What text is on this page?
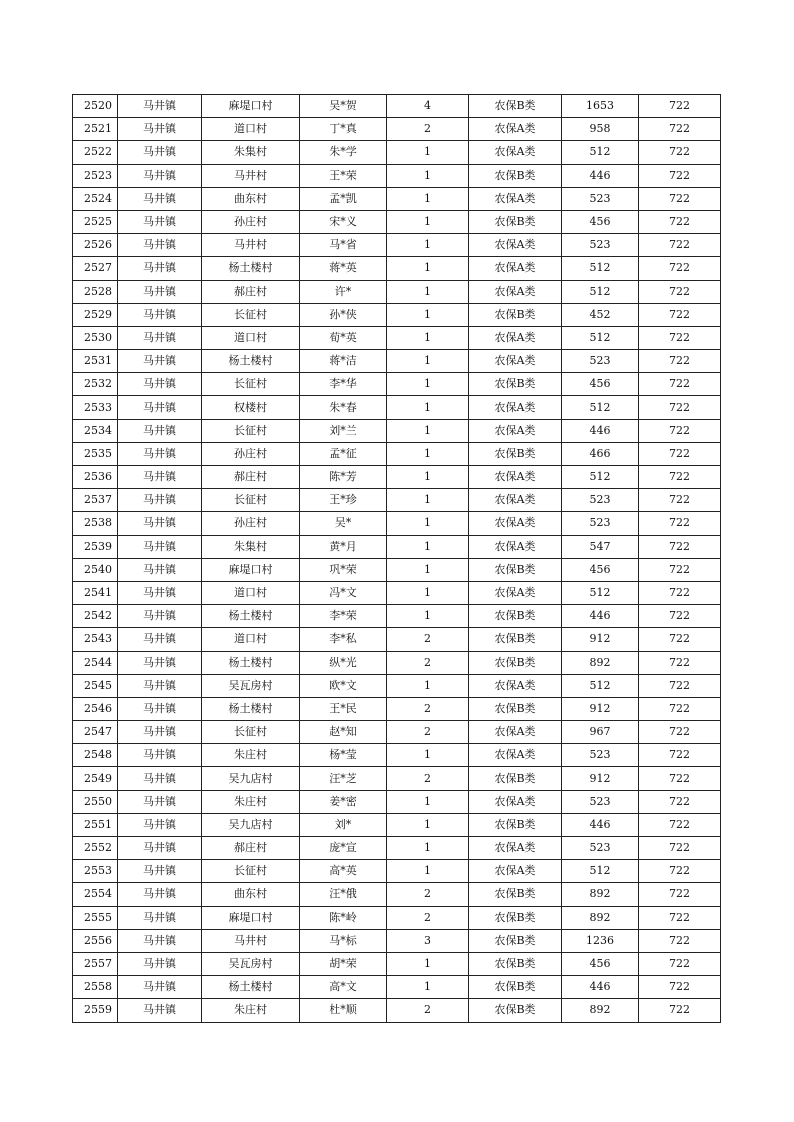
2520	马井镇	麻堤口村	吴*贺	4	农保B类	1653	722
2521	马井镇	道口村	丁*真	2	农保A类	958	722
2522	马井镇	朱集村	朱*学	1	农保A类	512	722
2523	马井镇	马井村	王*荣	1	农保B类	446	722
2524	马井镇	曲东村	孟*凯	1	农保A类	523	722
2525	马井镇	孙庄村	宋*义	1	农保B类	456	722
2526	马井镇	马井村	马*省	1	农保A类	523	722
2527	马井镇	杨土楼村	蒋*英	1	农保A类	512	722
2528	马井镇	郝庄村	许*	1	农保A类	512	722
2529	马井镇	长征村	孙*侠	1	农保B类	452	722
2530	马井镇	道口村	荀*英	1	农保A类	512	722
2531	马井镇	杨土楼村	蒋*洁	1	农保A类	523	722
2532	马井镇	长征村	李*华	1	农保B类	456	722
2533	马井镇	权楼村	朱*春	1	农保A类	512	722
2534	马井镇	长征村	刘*兰	1	农保A类	446	722
2535	马井镇	孙庄村	孟*征	1	农保B类	466	722
2536	马井镇	郝庄村	陈*芳	1	农保A类	512	722
2537	马井镇	长征村	王*珍	1	农保A类	523	722
2538	马井镇	孙庄村	吴*	1	农保A类	523	722
2539	马井镇	朱集村	黄*月	1	农保A类	547	722
2540	马井镇	麻堤口村	巩*荣	1	农保B类	456	722
2541	马井镇	道口村	冯*文	1	农保A类	512	722
2542	马井镇	杨土楼村	李*荣	1	农保B类	446	722
2543	马井镇	道口村	李*私	2	农保B类	912	722
2544	马井镇	杨土楼村	纵*光	2	农保B类	892	722
2545	马井镇	吴瓦房村	欧*文	1	农保A类	512	722
2546	马井镇	杨土楼村	王*民	2	农保B类	912	722
2547	马井镇	长征村	赵*知	2	农保A类	967	722
2548	马井镇	朱庄村	杨*莹	1	农保A类	523	722
2549	马井镇	吴九店村	汪*芝	2	农保B类	912	722
2550	马井镇	朱庄村	姜*密	1	农保A类	523	722
2551	马井镇	吴九店村	刘*	1	农保B类	446	722
2552	马井镇	郝庄村	庞*宣	1	农保A类	523	722
2553	马井镇	长征村	高*英	1	农保A类	512	722
2554	马井镇	曲东村	汪*俄	2	农保B类	892	722
2555	马井镇	麻堤口村	陈*岭	2	农保B类	892	722
2556	马井镇	马井村	马*标	3	农保B类	1236	722
2557	马井镇	吴瓦房村	胡*荣	1	农保B类	456	722
2558	马井镇	杨土楼村	高*文	1	农保B类	446	722
2559	马井镇	朱庄村	杜*顺	2	农保B类	892	722
